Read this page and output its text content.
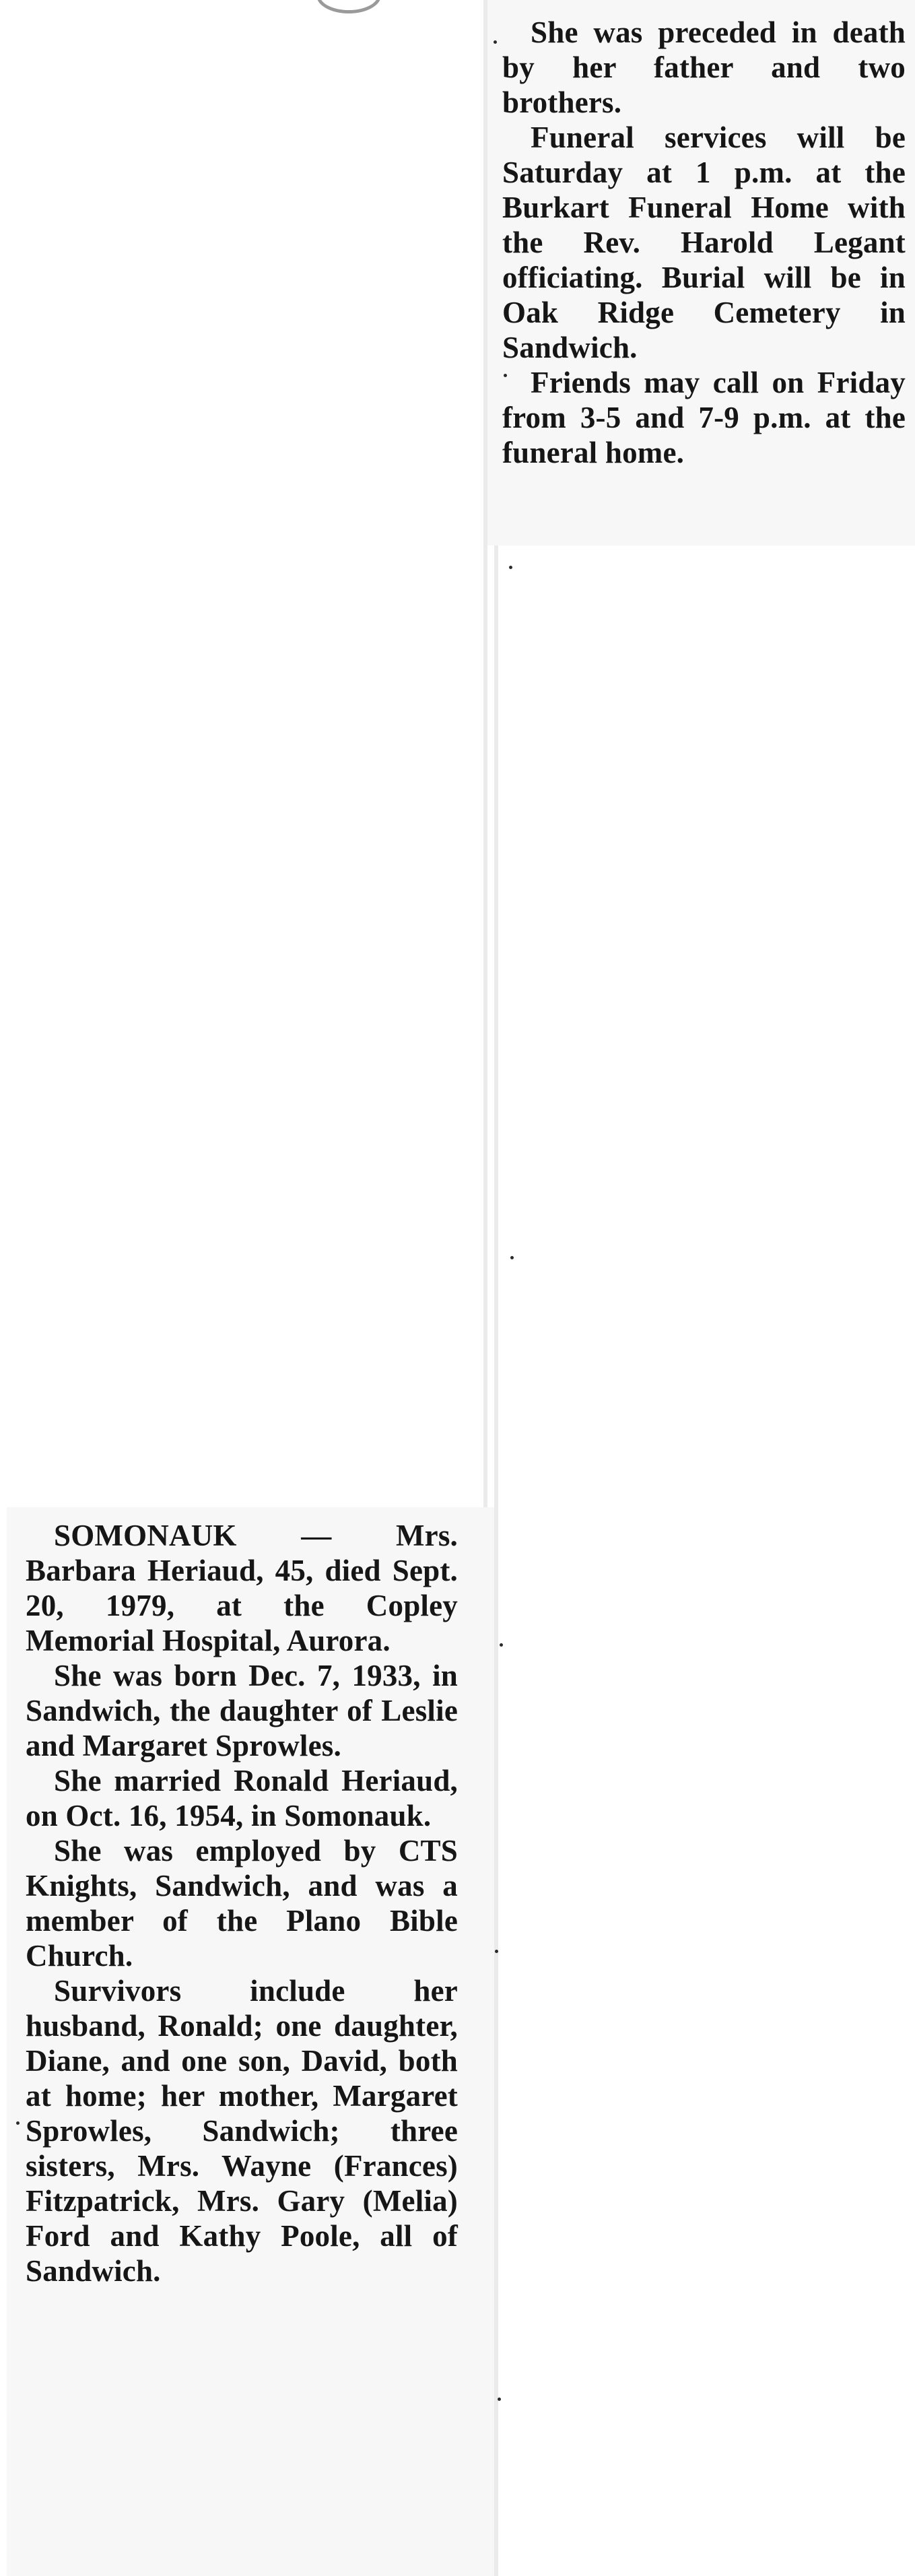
She was preceded in death by her father and two brothers.

Funeral services will be Saturday at 1 p.m. at the Burkart Funeral Home with the Rev. Harold Legant officiating. Burial will be in Oak Ridge Cemetery in Sandwich.

Friends may call on Friday from 3-5 and 7-9 p.m. at the funeral home.

SOMONAUK — Mrs. Barbara Heriaud, 45, died Sept. 20, 1979, at the Copley Memorial Hospital, Aurora.

She was born Dec. 7, 1933, in Sandwich, the daughter of Leslie and Margaret Sprowles.

She married Ronald Heriaud, on Oct. 16, 1954, in Somonauk.

She was employed by CTS Knights, Sandwich, and was a member of the Plano Bible Church.

Survivors include her husband, Ronald; one daughter, Diane, and one son, David, both at home; her mother, Margaret Sprowles, Sandwich; three sisters, Mrs. Wayne (Frances) Fitzpatrick, Mrs. Gary (Melia) Ford and Kathy Poole, all of Sandwich.
